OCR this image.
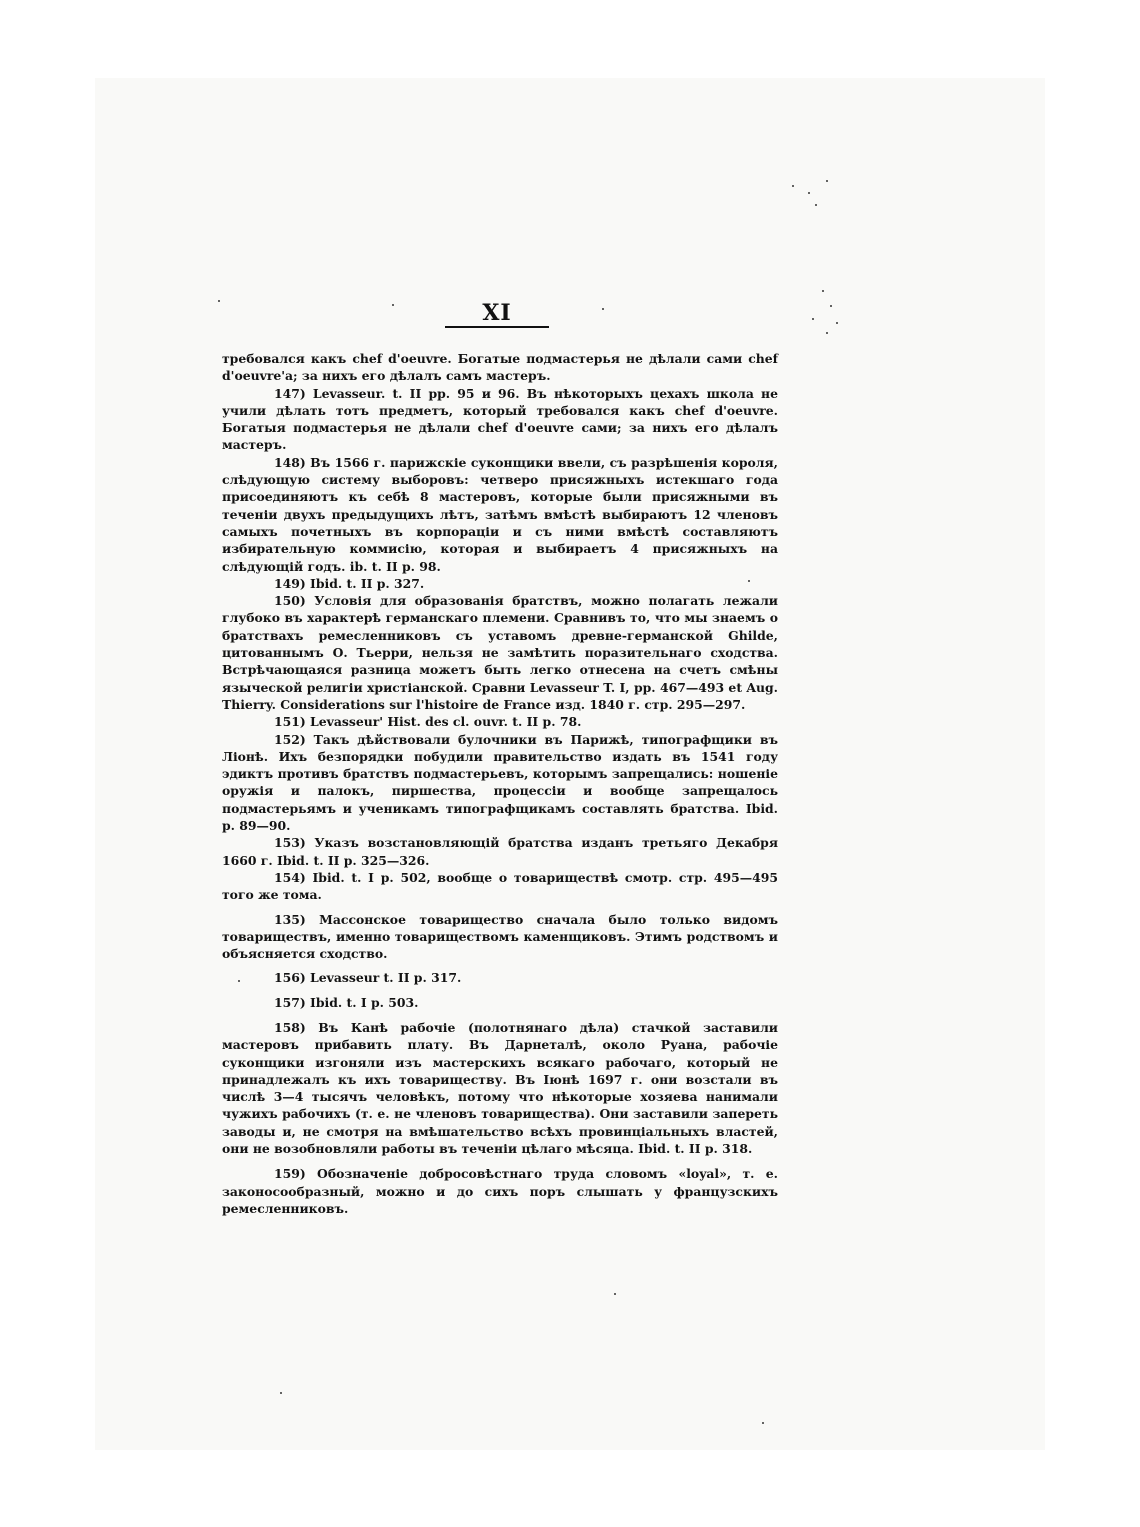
XI

требовался какъ chef d'oeuvre. Богатые подмастерья не дѣлали сами chef d'oeuvre'а; за нихъ его дѣлалъ самъ мастеръ.

147) Levasseur. t. II pp. 95 и 96. Въ нѣкоторыхъ цехахъ школа не учили дѣлать тотъ предметъ, который требовался какъ chef d'oeuvre. Богатыя подмастерья не дѣлали chef d'oeuvre сами; за нихъ его дѣлалъ мастеръ.

148) Въ 1566 г. парижскіе суконщики ввели, съ разрѣшенія короля, слѣдующую систему выборовъ: четверо присяжныхъ истекшаго года присоединяютъ къ себѣ 8 мастеровъ, которые были присяжными въ теченіи двухъ предыдущихъ лѣтъ, затѣмъ вмѣстѣ выбираютъ 12 членовъ самыхъ почетныхъ въ корпораціи и съ ними вмѣстѣ составляютъ избирательную коммисію, которая и выбираетъ 4 присяжныхъ на слѣдующій годъ. ib. t. II p. 98.

149) Ibid. t. II p. 327.

150) Условія для образованія братствъ, можно полагать лежали глубоко въ характерѣ германскаго племени. Сравнивъ то, что мы знаемъ о братствахъ ремесленниковъ съ уставомъ древне-германской Ghilde, цитованнымъ О. Тьерри, нельзя не замѣтить поразительнаго сходства. Встрѣчающаяся разница можетъ быть легко отнесена на счетъ смѣны языческой религіи христіанской. Сравни Levasseur T. I, pp. 467—493 et Aug. Thierry. Considerations sur l'histoire de France изд. 1840 г. стр. 295—297.

151) Levasseur' Hist. des cl. ouvr. t. II p. 78.

152) Такъ дѣйствовали булочники въ Парижѣ, типографщики въ Ліонѣ. Ихъ безпорядки побудили правительство издать въ 1541 году эдиктъ противъ братствъ подмастерьевъ, которымъ запрещались: ношеніе оружія и палокъ, пиршества, процессіи и вообще запрещалось подмастерьямъ и ученикамъ типографщикамъ составлять братства. Ibid. p. 89—90.

153) Указъ возстановляющій братства изданъ третьяго Декабря 1660 г. Ibid. t. II p. 325—326.

154) Ibid. t. I p. 502, вообще о товариществѣ смотр. стр. 495—495 того же тома.

135) Массонское товарищество сначала было только видомъ товариществъ, именно товариществомъ каменщиковъ. Этимъ родствомъ и объясняется сходство.

156) Levasseur t. II p. 317.

157) Ibid. t. I p. 503.

158) Въ Канѣ рабочіе (полотнянаго дѣла) стачкой заставили мастеровъ прибавить плату. Въ Дарнеталѣ, около Руана, рабочіе суконщики изгоняли изъ мастерскихъ всякаго рабочаго, который не принадлежалъ къ ихъ товариществу. Въ Іюнѣ 1697 г. они возстали въ числѣ 3—4 тысячъ человѣкъ, потому что нѣкоторые хозяева нанимали чужихъ рабочихъ (т. е. не членовъ товарищества). Они заставили запереть заводы и, не смотря на вмѣшательство всѣхъ провинціальныхъ властей, они не возобновляли работы въ теченіи цѣлаго мѣсяца. Ibid. t. II p. 318.

159) Обозначеніе добросовѣстнаго труда словомъ «loyal», т. е. законосообразный, можно и до сихъ поръ слышать у французскихъ ремесленниковъ.
